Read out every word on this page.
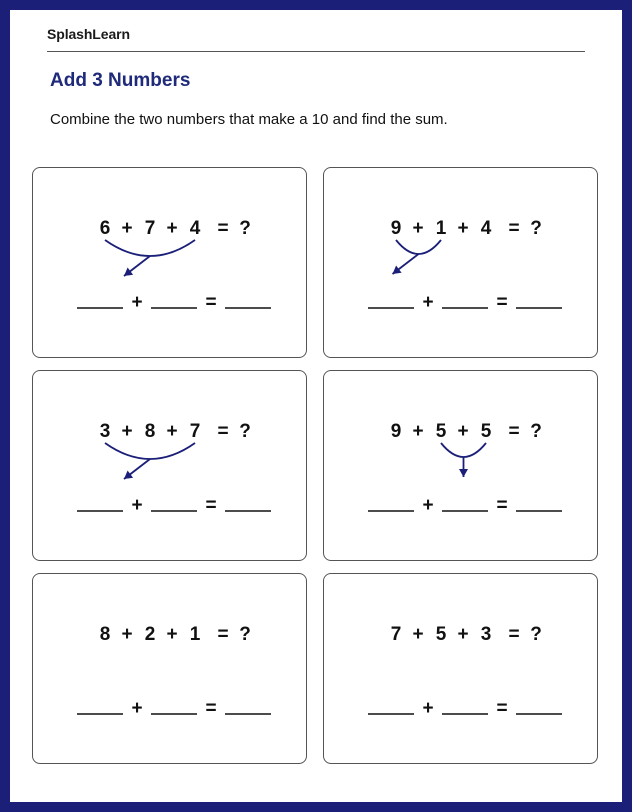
SplashLearn
Add 3 Numbers

Combine the two numbers that make a 10 and find the sum.

6 7 4
+ + = ?
+	=
9 1 4
+ + = ?
+	=
3 8 7
+ + = ?
+	=
9 5 5
+ + = ?
+	=
8 2 1
+ + = ?
+	=
7 5 3
+ + = ?
+	=
